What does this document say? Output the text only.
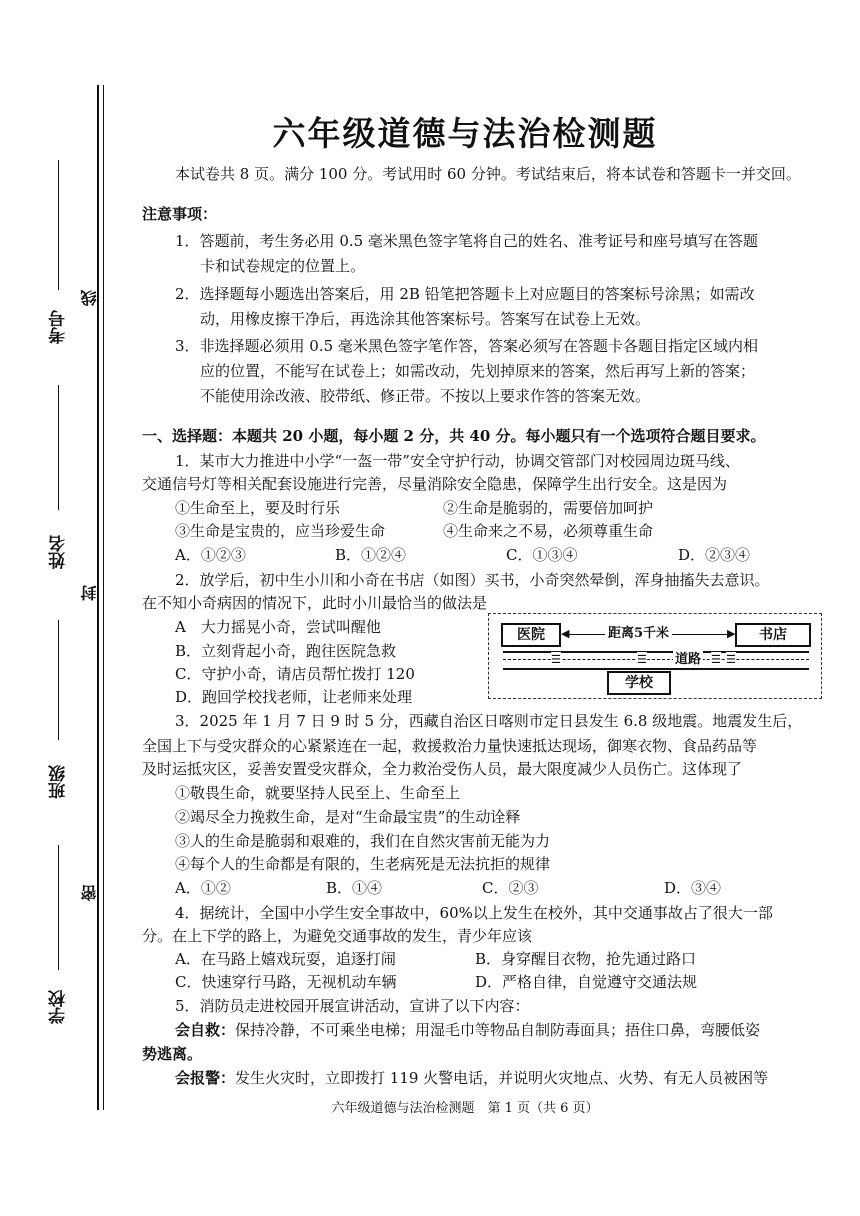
考号
姓名
班级
学校
线
封
密
六年级道德与法治检测题
本试卷共 8 页。满分 100 分。考试用时 60 分钟。考试结束后，将本试卷和答题卡一并交回。
注意事项：
1．答题前，考生务必用 0.5 毫米黑色签字笔将自己的姓名、准考证号和座号填写在答题
卡和试卷规定的位置上。
2．选择题每小题选出答案后，用 2B 铅笔把答题卡上对应题目的答案标号涂黑；如需改
动，用橡皮擦干净后，再选涂其他答案标号。答案写在试卷上无效。
3．非选择题必须用 0.5 毫米黑色签字笔作答，答案必须写在答题卡各题目指定区域内相
应的位置，不能写在试卷上；如需改动，先划掉原来的答案，然后再写上新的答案；
不能使用涂改液、胶带纸、修正带。不按以上要求作答的答案无效。
一、选择题：本题共 20 小题，每小题 2 分，共 40 分。每小题只有一个选项符合题目要求。
1．某市大力推进中小学“一盔一带”安全守护行动，协调交管部门对校园周边斑马线、
交通信号灯等相关配套设施进行完善，尽量消除安全隐患，保障学生出行安全。这是因为
①生命至上，要及时行乐	②生命是脆弱的，需要倍加呵护
③生命是宝贵的，应当珍爱生命	④生命来之不易，必须尊重生命
A．①②③	B．①②④	C．①③④	D．②③④
2．放学后，初中生小川和小奇在书店（如图）买书，小奇突然晕倒，浑身抽搐失去意识。
在不知小奇病因的情况下，此时小川最恰当的做法是
A　大力摇晃小奇，尝试叫醒他
B．立刻背起小奇，跑往医院急救
C．守护小奇，请店员帮忙拨打 120
D．跑回学校找老师，让老师来处理
医院	◀	▶
距离5千米	书店
☰	☰	☰
道路 ☰
学校
3．2025 年 1 月 7 日 9 时 5 分，西藏自治区日喀则市定日县发生 6.8 级地震。地震发生后，
全国上下与受灾群众的心紧紧连在一起，救援救治力量快速抵达现场，御寒衣物、食品药品等
及时运抵灾区，妥善安置受灾群众，全力救治受伤人员，最大限度减少人员伤亡。这体现了
①敬畏生命，就要坚持人民至上、生命至上
②竭尽全力挽救生命，是对“生命最宝贵”的生动诠释
③人的生命是脆弱和艰难的，我们在自然灾害前无能为力
④每个人的生命都是有限的，生老病死是无法抗拒的规律
A．①②	B．①④	C．②③	D．③④
4．据统计，全国中小学生安全事故中，60%以上发生在校外，其中交通事故占了很大一部
分。在上下学的路上，为避免交通事故的发生，青少年应该
A．在马路上嬉戏玩耍，追逐打闹	B．身穿醒目衣物，抢先通过路口
C．快速穿行马路，无视机动车辆	D．严格自律，自觉遵守交通法规
5．消防员走进校园开展宣讲活动，宣讲了以下内容：
会自救：保持冷静，不可乘坐电梯；用湿毛巾等物品自制防毒面具；捂住口鼻，弯腰低姿
势逃离。
会报警：发生火灾时，立即拨打 119 火警电话，并说明火灾地点、火势、有无人员被困等
六年级道德与法治检测题　第 1 页（共 6 页）
